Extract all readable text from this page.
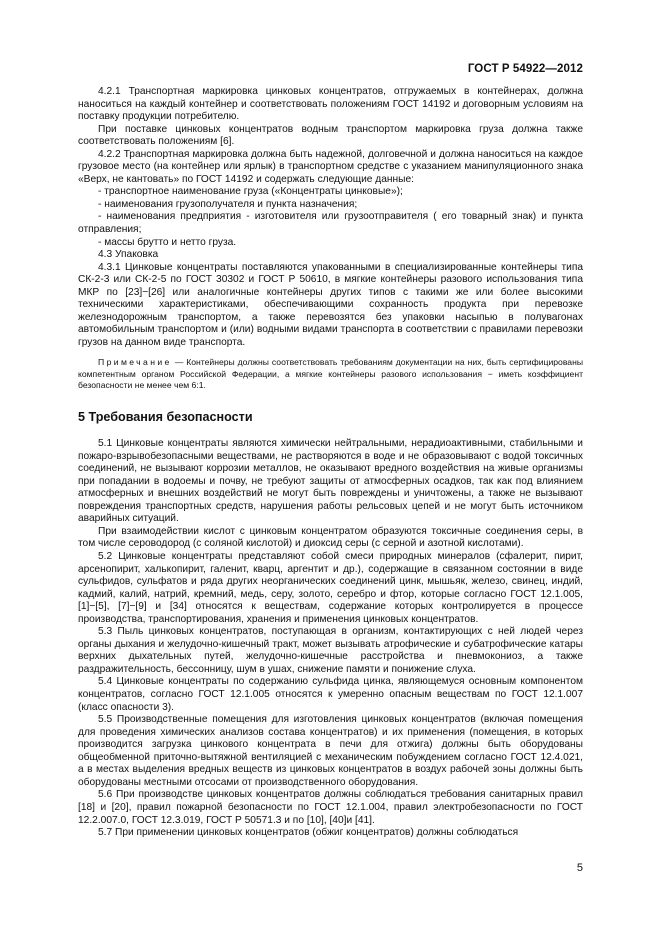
ГОСТ Р 54922—2012

4.2.1 Транспортная маркировка цинковых концентратов, отгружаемых в контейнерах, должна наноситься на каждый контейнер и соответствовать положениям ГОСТ 14192 и договорным условиям на поставку продукции потребителю.

При поставке цинковых концентратов водным транспортом маркировка груза должна также соответствовать положениям [6].

4.2.2 Транспортная маркировка должна быть надежной, долговечной и должна наноситься на каждое грузовое место (на контейнер или ярлык) в транспортном средстве с указанием манипуляционного знака «Верх, не кантовать» по ГОСТ 14192 и содержать следующие данные:

- транспортное наименование груза («Концентраты цинковые»);

- наименования грузополучателя и пункта назначения;

- наименования предприятия - изготовителя или грузоотправителя ( его товарный знак) и пункта отправления;

- массы брутто и нетто груза.

4.3 Упаковка

4.3.1 Цинковые концентраты поставляются упакованными в специализированные контейнеры типа СК-2-3 или СК-2-5 по ГОСТ 30302 и ГОСТ Р 50610, в мягкие контейнеры разового использования типа МКР по [23]−[26] или аналогичные контейнеры других типов с такими же или более высокими техническими характеристиками, обеспечивающими сохранность продукта при перевозке железнодорожным транспортом, а также перевозятся без упаковки насыпью в полувагонах автомобильным транспортом и (или) водными видами транспорта в соответствии с правилами перевозки грузов на данном виде транспорта.

Примечание — Контейнеры должны соответствовать требованиям документации на них, быть сертифицированы компетентным органом Российской Федерации, а мягкие контейнеры разового использования − иметь коэффициент безопасности не менее чем 6:1.

5 Требования безопасности

5.1 Цинковые концентраты являются химически нейтральными, нерадиоактивными, стабильными и пожаро-взрывобезопасными веществами, не растворяются в воде и не образовывают с водой токсичных соединений, не вызывают коррозии металлов, не оказывают вредного воздействия на живые организмы при попадании в водоемы и почву, не требуют защиты от атмосферных осадков, так как под влиянием атмосферных и внешних воздействий не могут быть повреждены и уничтожены, а также не вызывают повреждения транспортных средств, нарушения работы рельсовых цепей и не могут быть источником аварийных ситуаций.

При взаимодействии кислот с цинковым концентратом образуются токсичные соединения серы, в том числе сероводород (с соляной кислотой) и диоксид серы (с серной и азотной кислотами).

5.2 Цинковые концентраты представляют собой смеси природных минералов (сфалерит, пирит, арсенопирит, халькопирит, галенит, кварц, аргентит и др.), содержащие в связанном состоянии в виде сульфидов, сульфатов и ряда других неорганических соединений цинк, мышьяк, железо, свинец, индий, кадмий, калий, натрий, кремний, медь, серу, золото, серебро и фтор, которые согласно ГОСТ 12.1.005, [1]−[5], [7]−[9] и [34] относятся к веществам, содержание которых контролируется в процессе производства, транспортирования, хранения и применения цинковых концентратов.

5.3 Пыль цинковых концентратов, поступающая в организм, контактирующих с ней людей через органы дыхания и желудочно-кишечный тракт, может вызывать атрофические и субатрофические катары верхних дыхательных путей, желудочно-кишечные расстройства и пневмокониоз, а также раздражительность, бессонницу, шум в ушах, снижение памяти и понижение слуха.

5.4 Цинковые концентраты по содержанию сульфида цинка, являющемуся основным компонентом концентратов, согласно ГОСТ 12.1.005 относятся к умеренно опасным веществам по ГОСТ 12.1.007 (класс опасности 3).

5.5 Производственные помещения для изготовления цинковых концентратов (включая помещения для проведения химических анализов состава концентратов) и их применения (помещения, в которых производится загрузка цинкового концентрата в печи для отжига) должны быть оборудованы общеобменной приточно-вытяжной вентиляцией с механическим побуждением согласно ГОСТ 12.4.021, а в местах выделения вредных веществ из цинковых концентратов в воздух рабочей зоны должны быть оборудованы местными отсосами от производственного оборудования.

5.6 При производстве цинковых концентратов должны соблюдаться требования санитарных правил [18] и [20], правил пожарной безопасности по ГОСТ 12.1.004, правил электробезопасности по ГОСТ 12.2.007.0, ГОСТ 12.3.019, ГОСТ Р 50571.3 и по [10], [40]и [41].

5.7 При применении цинковых концентратов (обжиг концентратов) должны соблюдаться

5
